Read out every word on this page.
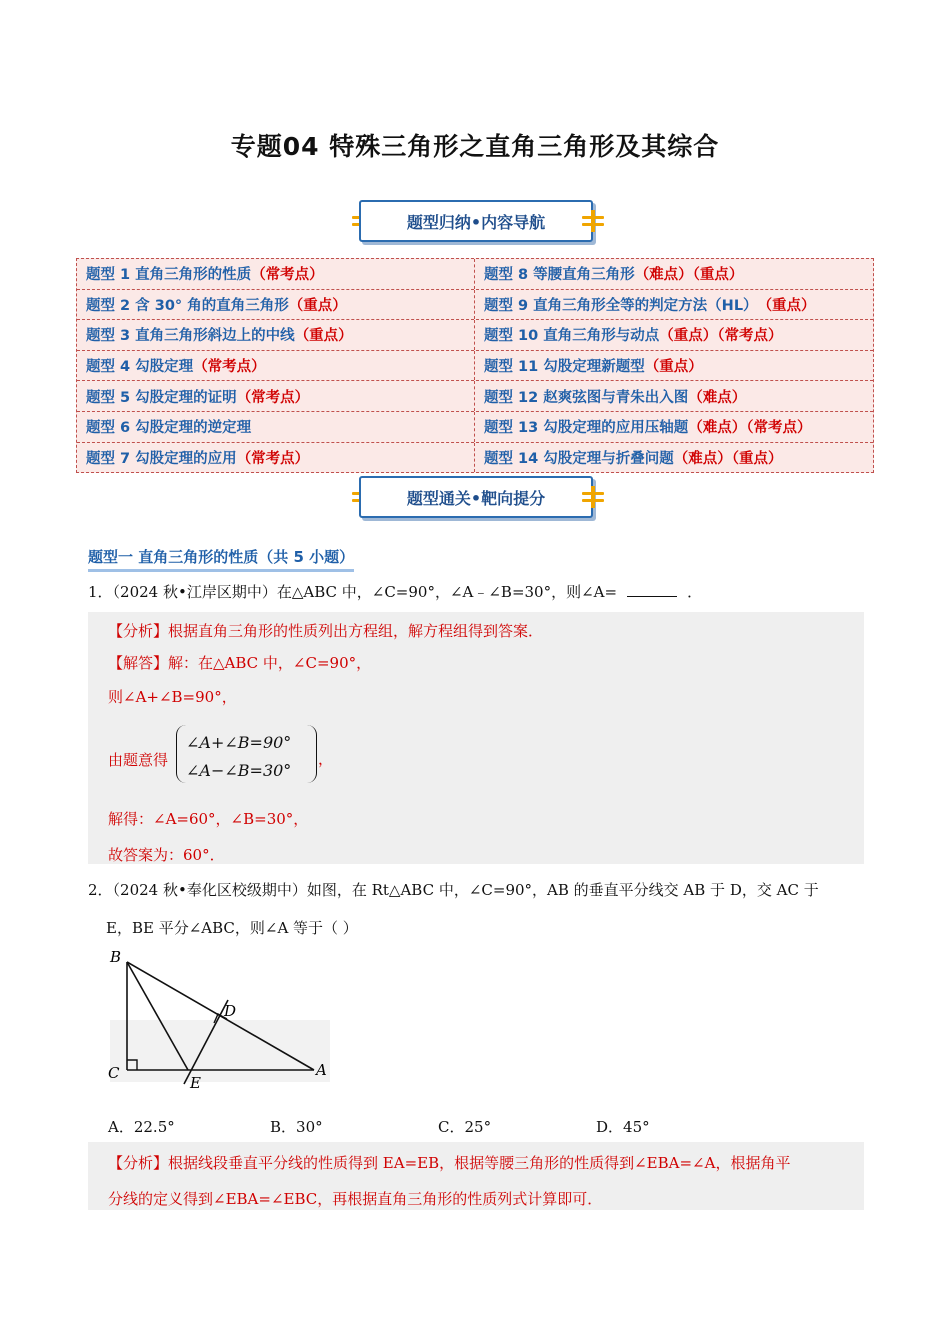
专题04 特殊三角形之直角三角形及其综合
题型归纳•内容导航
题型 1 直角三角形的性质 （常考点）	题型 8 等腰直角三角形 （难点）（重点）
题型 2 含 30° 角的直角三角形 （重点）	题型 9 直角三角形全等的判定方法（HL） （重点）
题型 3 直角三角形斜边上的中线 （重点）	题型 10 直角三角形与动点 （重点）（常考点）
题型 4 勾股定理 （常考点）	题型 11 勾股定理新题型 （重点）
题型 5 勾股定理的证明 （常考点）	题型 12 赵爽弦图与青朱出入图 （难点）
题型 6 勾股定理的逆定理	题型 13 勾股定理的应用压轴题 （难点）（常考点）
题型 7 勾股定理的应用 （常考点）	题型 14 勾股定理与折叠问题 （难点）（重点）
题型通关•靶向提分
题型一 直角三角形的性质（共 5 小题）
1．（2024 秋•江岸区期中）在△ABC 中，∠C=90°，∠A﹣∠B=30°，则∠A=	．
【分析】根据直角三角形的性质列出方程组，解方程组得到答案．
【解答】解：在△ABC 中，∠C=90°，
则∠A+∠B=90°，
由题意得
解得：∠A=60°，∠B=30°，
故答案为：60°．
∠A+∠B=90°
∠A−∠B=30°
，
2．（2024 秋•奉化区校级期中）如图，在 Rt△ABC 中，∠C=90°，AB 的垂直平分线交 AB 于 D，交 AC 于
E，BE 平分∠ABC，则∠A 等于（ ）
B
C
D
E
A
A．22.5°	B．30°	C．25°	D．45°
【分析】根据线段垂直平分线的性质得到 EA=EB，根据等腰三角形的性质得到∠EBA=∠A，根据角平
分线的定义得到∠EBA=∠EBC，再根据直角三角形的性质列式计算即可．
